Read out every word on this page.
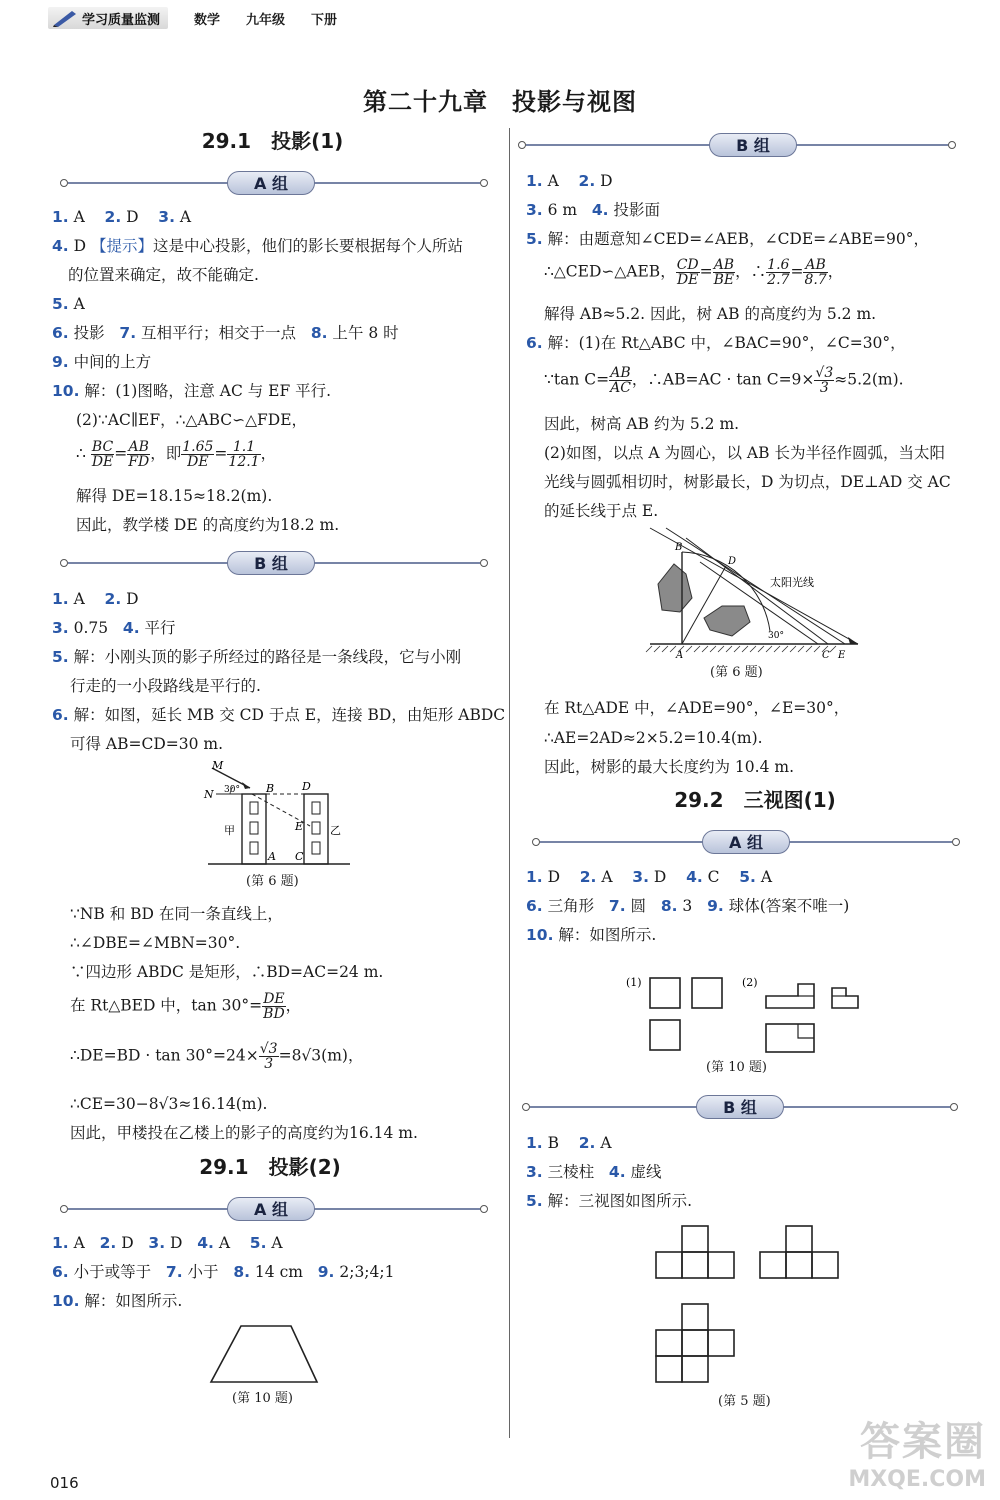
学习质量监测	数学 九年级 下册
第二十九章 投影与视图
29.1　投影(1)
A 组
1. A 2. D 3. A
4. D 【提示】这是中心投影，他们的影长要根据每个人所站
的位置来确定，故不能确定.
5. A
6. 投影 7. 互相平行；相交于一点 8. 上午 8 时
9. 中间的上方
10. 解：(1)图略，注意 AC 与 EF 平行.
(2)∵AC∥EF，∴△ABC∽△FDE，
∴ $\frac{BC}{DE} = \frac{AB}{FD}$ ，即 $\frac{1.65}{DE} = \frac{1.1}{12.1}$ ，
解得 DE=18.15≈18.2(m).
因此，教学楼 DE 的高度约为18.2 m.
B 组
1. A 2. D
3. 0.75 4. 平行
5. 解：小刚头顶的影子所经过的路径是一条线段，它与小刚
行走的一小段路线是平行的.
6. 解：如图，延长 MB 交 CD 于点 E，连接 BD，由矩形 ABDC
可得 AB=CD=30 m.
M
N 30° B	D
E
A C
甲	乙
(第 6 题)
∵NB 和 BD 在同一条直线上，
∴∠DBE=∠MBN=30°.
∵四边形 ABDC 是矩形，∴BD=AC=24 m.
在 Rt△BED 中，$\tan 30^\circ= \frac{DE}{BD}$ ，
∴DE=BD · $\tan 30^\circ=24\times \frac{√3}{3} =8√3(m)$，
∴CE=30−8√3≈16.14(m).
因此，甲楼投在乙楼上的影子的高度约为16.14 m.
29.1　投影(2)
A 组
1. A 2. D 3. D 4. A 5. A
6. 小于或等于 7. 小于 8. 14 cm 9. 2;3;4;1
10. 解：如图所示.
(第 10 题)
B 组
1. A 2. D
3. 6 m 4. 投影面
5. 解：由题意知∠CED=∠AEB，∠CDE=∠ABE=90°，
∴△CED∽△AEB， $\frac{CD}{DE} = \frac{AB}{BE}$ ，∴ $\frac{1.6}{2.7} = \frac{AB}{8.7}$ ，
解得 AB≈5.2. 因此，树 AB 的高度约为 5.2 m.
6. 解：(1)在 Rt△ABC 中，∠BAC=90°，∠C=30°，
∵tan $C= \frac{AB}{AC}$ ，∴AB=AC · $\tan C=9\times \frac{√3}{3} \approx 5.2(m)$.
因此，树高 AB 约为 5.2 m.
(2)如图，以点 A 为圆心，以 AB 长为半径作圆弧，当太阳
光线与圆弧相切时，树影最长，D 为切点，DE⊥AD 交 AC
的延长线于点 E.
B
D
A	C E
太阳光线
30°
(第 6 题)
在 Rt△ADE 中，∠ADE=90°，∠E=30°，
∴AE=2AD≈2×5.2=10.4(m).
因此，树影的最大长度约为 10.4 m.
29.2　三视图(1)
A 组
1. D 2. A 3. D 4. C 5. A
6. 三角形 7. 圆 8. 3 9. 球体(答案不唯一)
10. 解：如图所示.
(1)	(2)
(第 10 题)
B 组
1. B 2. A
3. 三棱柱 4. 虚线
5. 解：三视图如图所示.
(第 5 题)
016
答案圈
MXQE.COM
